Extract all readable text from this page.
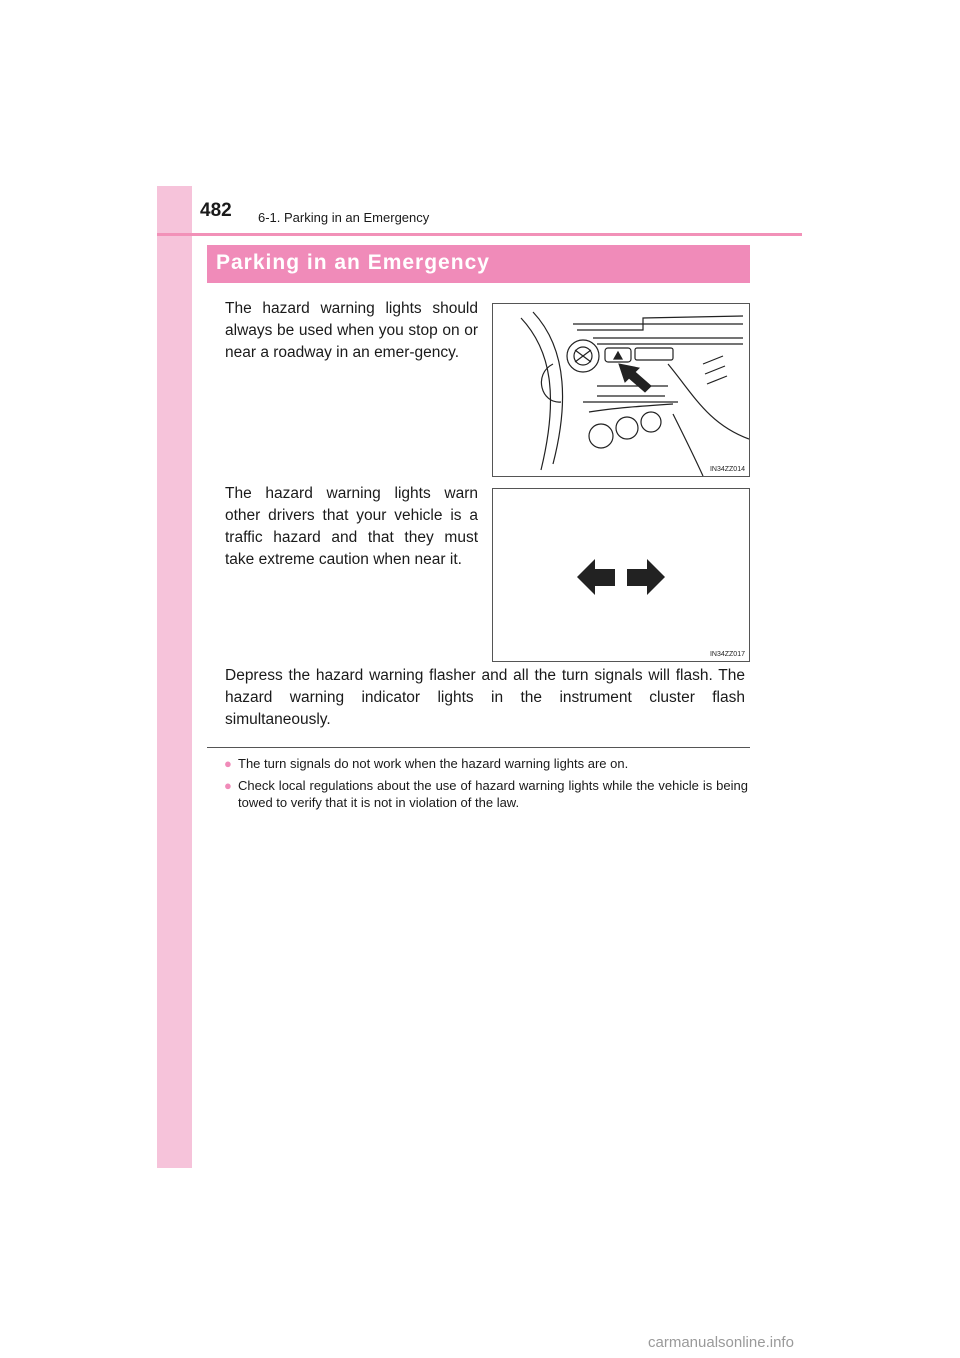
482 6-1. Parking in an Emergency
Parking in an Emergency
The hazard warning lights should always be used when you stop on or near a roadway in an emer-gency.
IN34ZZ014
The hazard warning lights warn other drivers that your vehicle is a traffic hazard and that they must take extreme caution when near it.
IN34ZZ017
Depress the hazard warning flasher and all the turn signals will flash. The hazard warning indicator lights in the instrument cluster flash simultaneously.
● The turn signals do not work when the hazard warning lights are on.
● Check local regulations about the use of hazard warning lights while the vehicle is being towed to verify that it is not in violation of the law.
carmanualsonline.info
